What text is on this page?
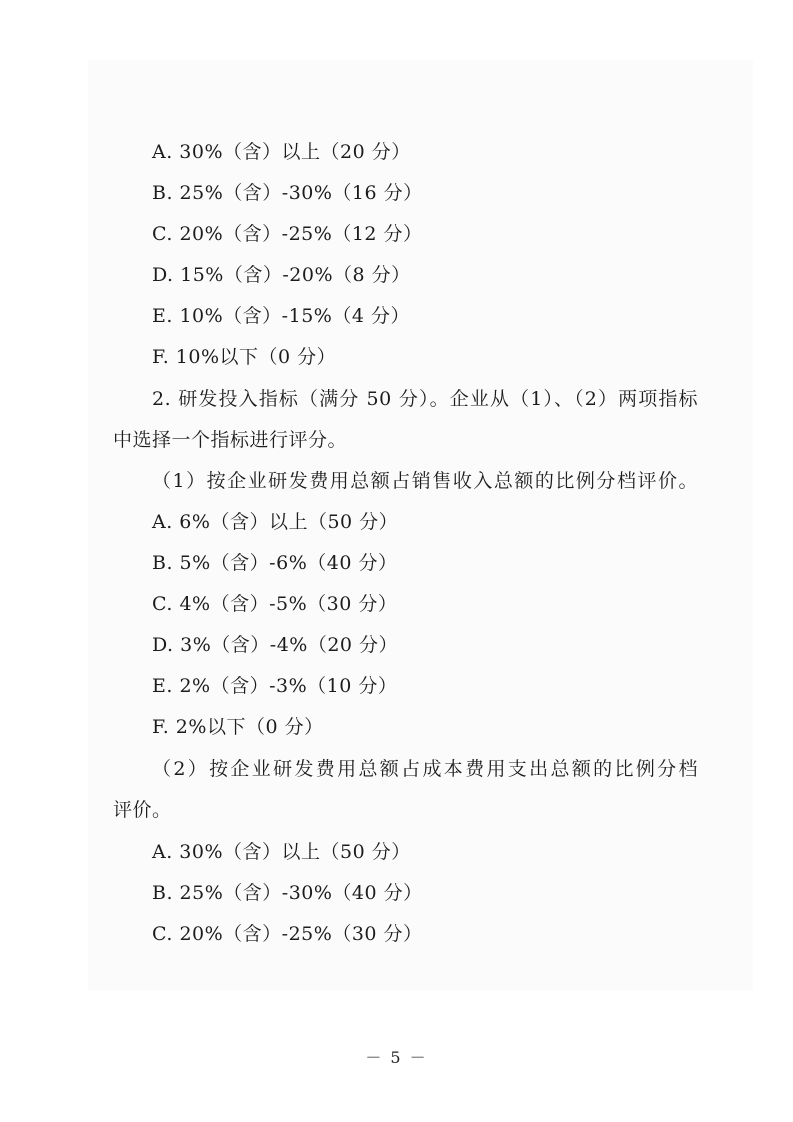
A. 30%（含）以上（20 分）
B. 25%（含）-30%（16 分）
C. 20%（含）-25%（12 分）
D. 15%（含）-20%（8 分）
E. 10%（含）-15%（4 分）
F. 10%以下（0 分）
2. 研发投入指标（满分 50 分）。企业从（1）、（2）两项指标
中选择一个指标进行评分。
（1）按企业研发费用总额占销售收入总额的比例分档评价。
A. 6%（含）以上（50 分）
B. 5%（含）-6%（40 分）
C. 4%（含）-5%（30 分）
D. 3%（含）-4%（20 分）
E. 2%（含）-3%（10 分）
F. 2%以下（0 分）
（2）按企业研发费用总额占成本费用支出总额的比例分档
评价。
A. 30%（含）以上（50 分）
B. 25%（含）-30%（40 分）
C. 20%（含）-25%（30 分）
－ 5 －
